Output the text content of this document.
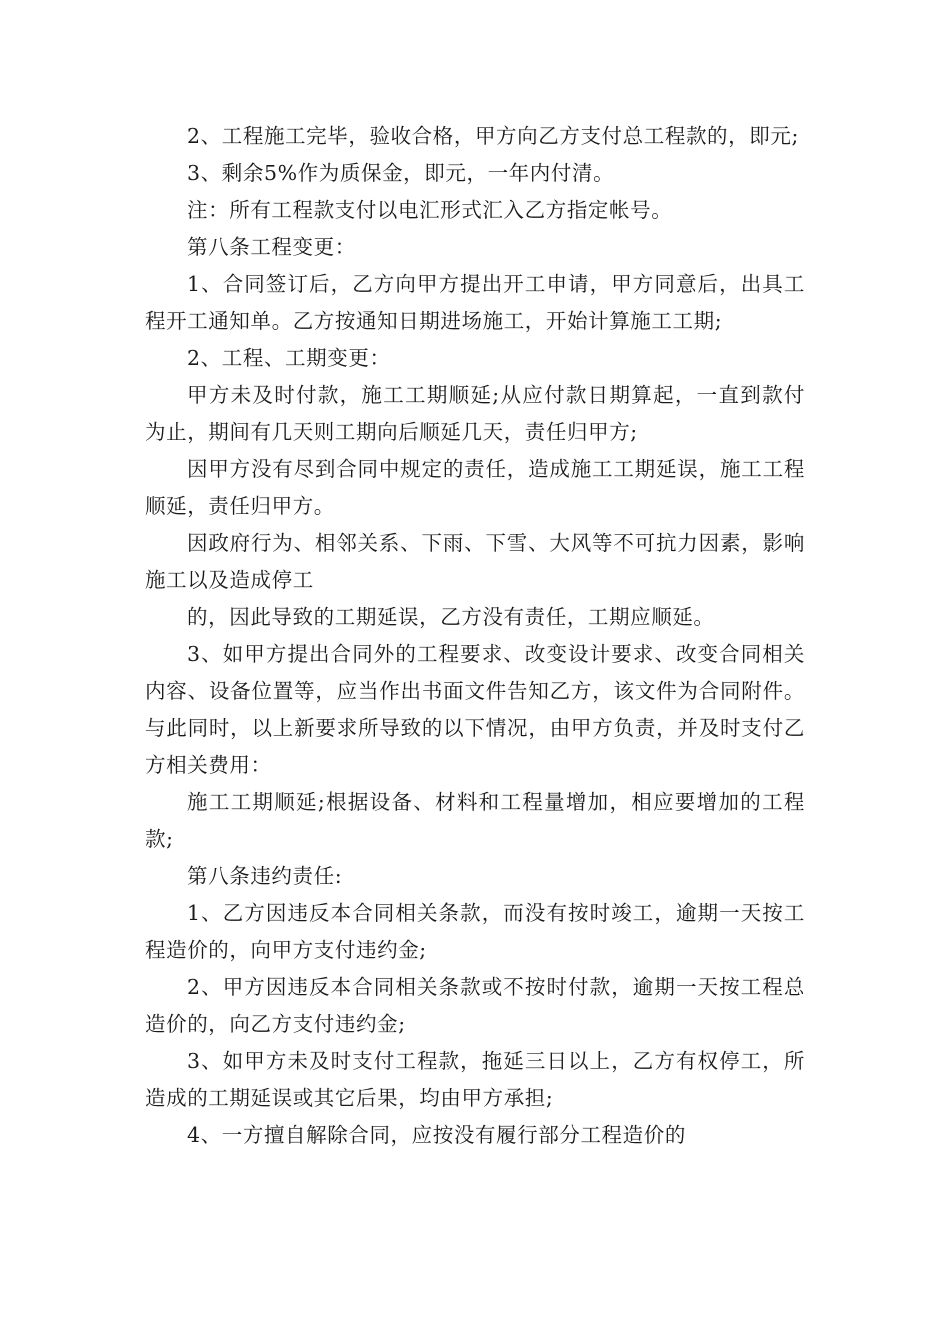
2、工程施工完毕，验收合格，甲方向乙方支付总工程款的，即元;

3、剩余5%作为质保金，即元，一年内付清。

注：所有工程款支付以电汇形式汇入乙方指定帐号。

第八条工程变更：

1、合同签订后，乙方向甲方提出开工申请，甲方同意后，出具工程开工通知单。乙方按通知日期进场施工，开始计算施工工期;

2、工程、工期变更：

甲方未及时付款，施工工期顺延;从应付款日期算起，一直到款付为止，期间有几天则工期向后顺延几天，责任归甲方;

因甲方没有尽到合同中规定的责任，造成施工工期延误，施工工程顺延，责任归甲方。

因政府行为、相邻关系、下雨、下雪、大风等不可抗力因素，影响施工以及造成停工

的，因此导致的工期延误，乙方没有责任，工期应顺延。

3、如甲方提出合同外的工程要求、改变设计要求、改变合同相关内容、设备位置等，应当作出书面文件告知乙方，该文件为合同附件。与此同时，以上新要求所导致的以下情况，由甲方负责，并及时支付乙方相关费用：

施工工期顺延;根据设备、材料和工程量增加，相应要增加的工程款;

第八条违约责任:

1、乙方因违反本合同相关条款，而没有按时竣工，逾期一天按工程造价的，向甲方支付违约金;

2、甲方因违反本合同相关条款或不按时付款，逾期一天按工程总造价的，向乙方支付违约金;

3、如甲方未及时支付工程款，拖延三日以上，乙方有权停工，所造成的工期延误或其它后果，均由甲方承担;

4、一方擅自解除合同，应按没有履行部分工程造价的
